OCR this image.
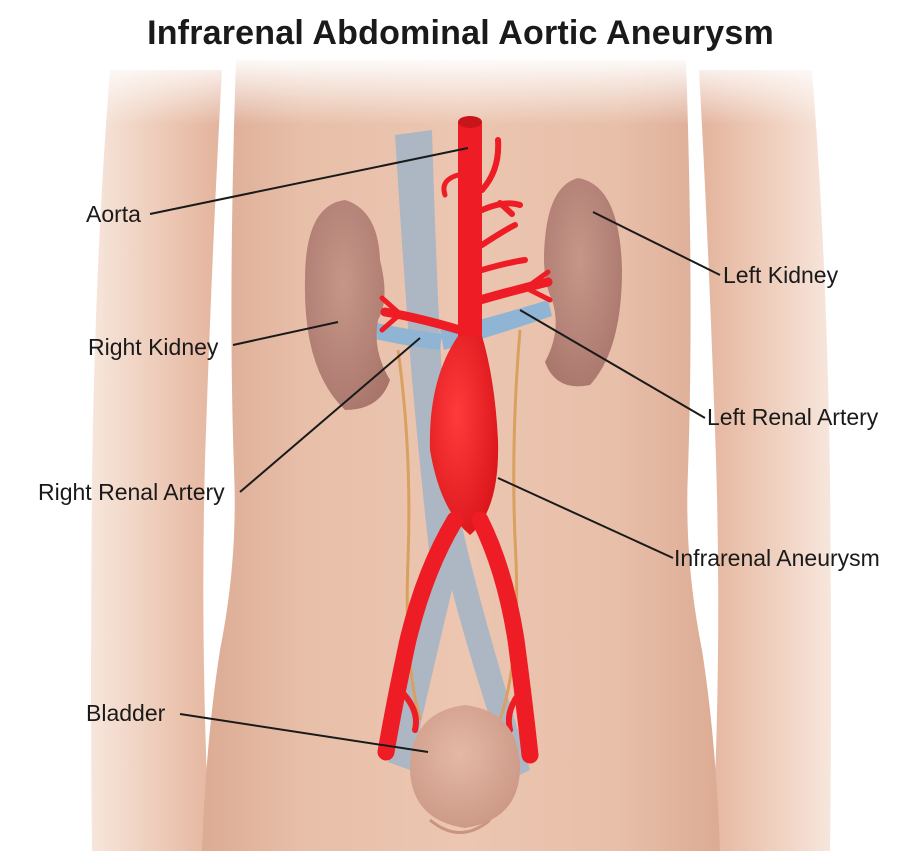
Infrarenal Abdominal Aortic Aneurysm
Aorta
Left Kidney
Right Kidney
Left Renal Artery
Right Renal Artery
Infrarenal Aneurysm
Bladder
